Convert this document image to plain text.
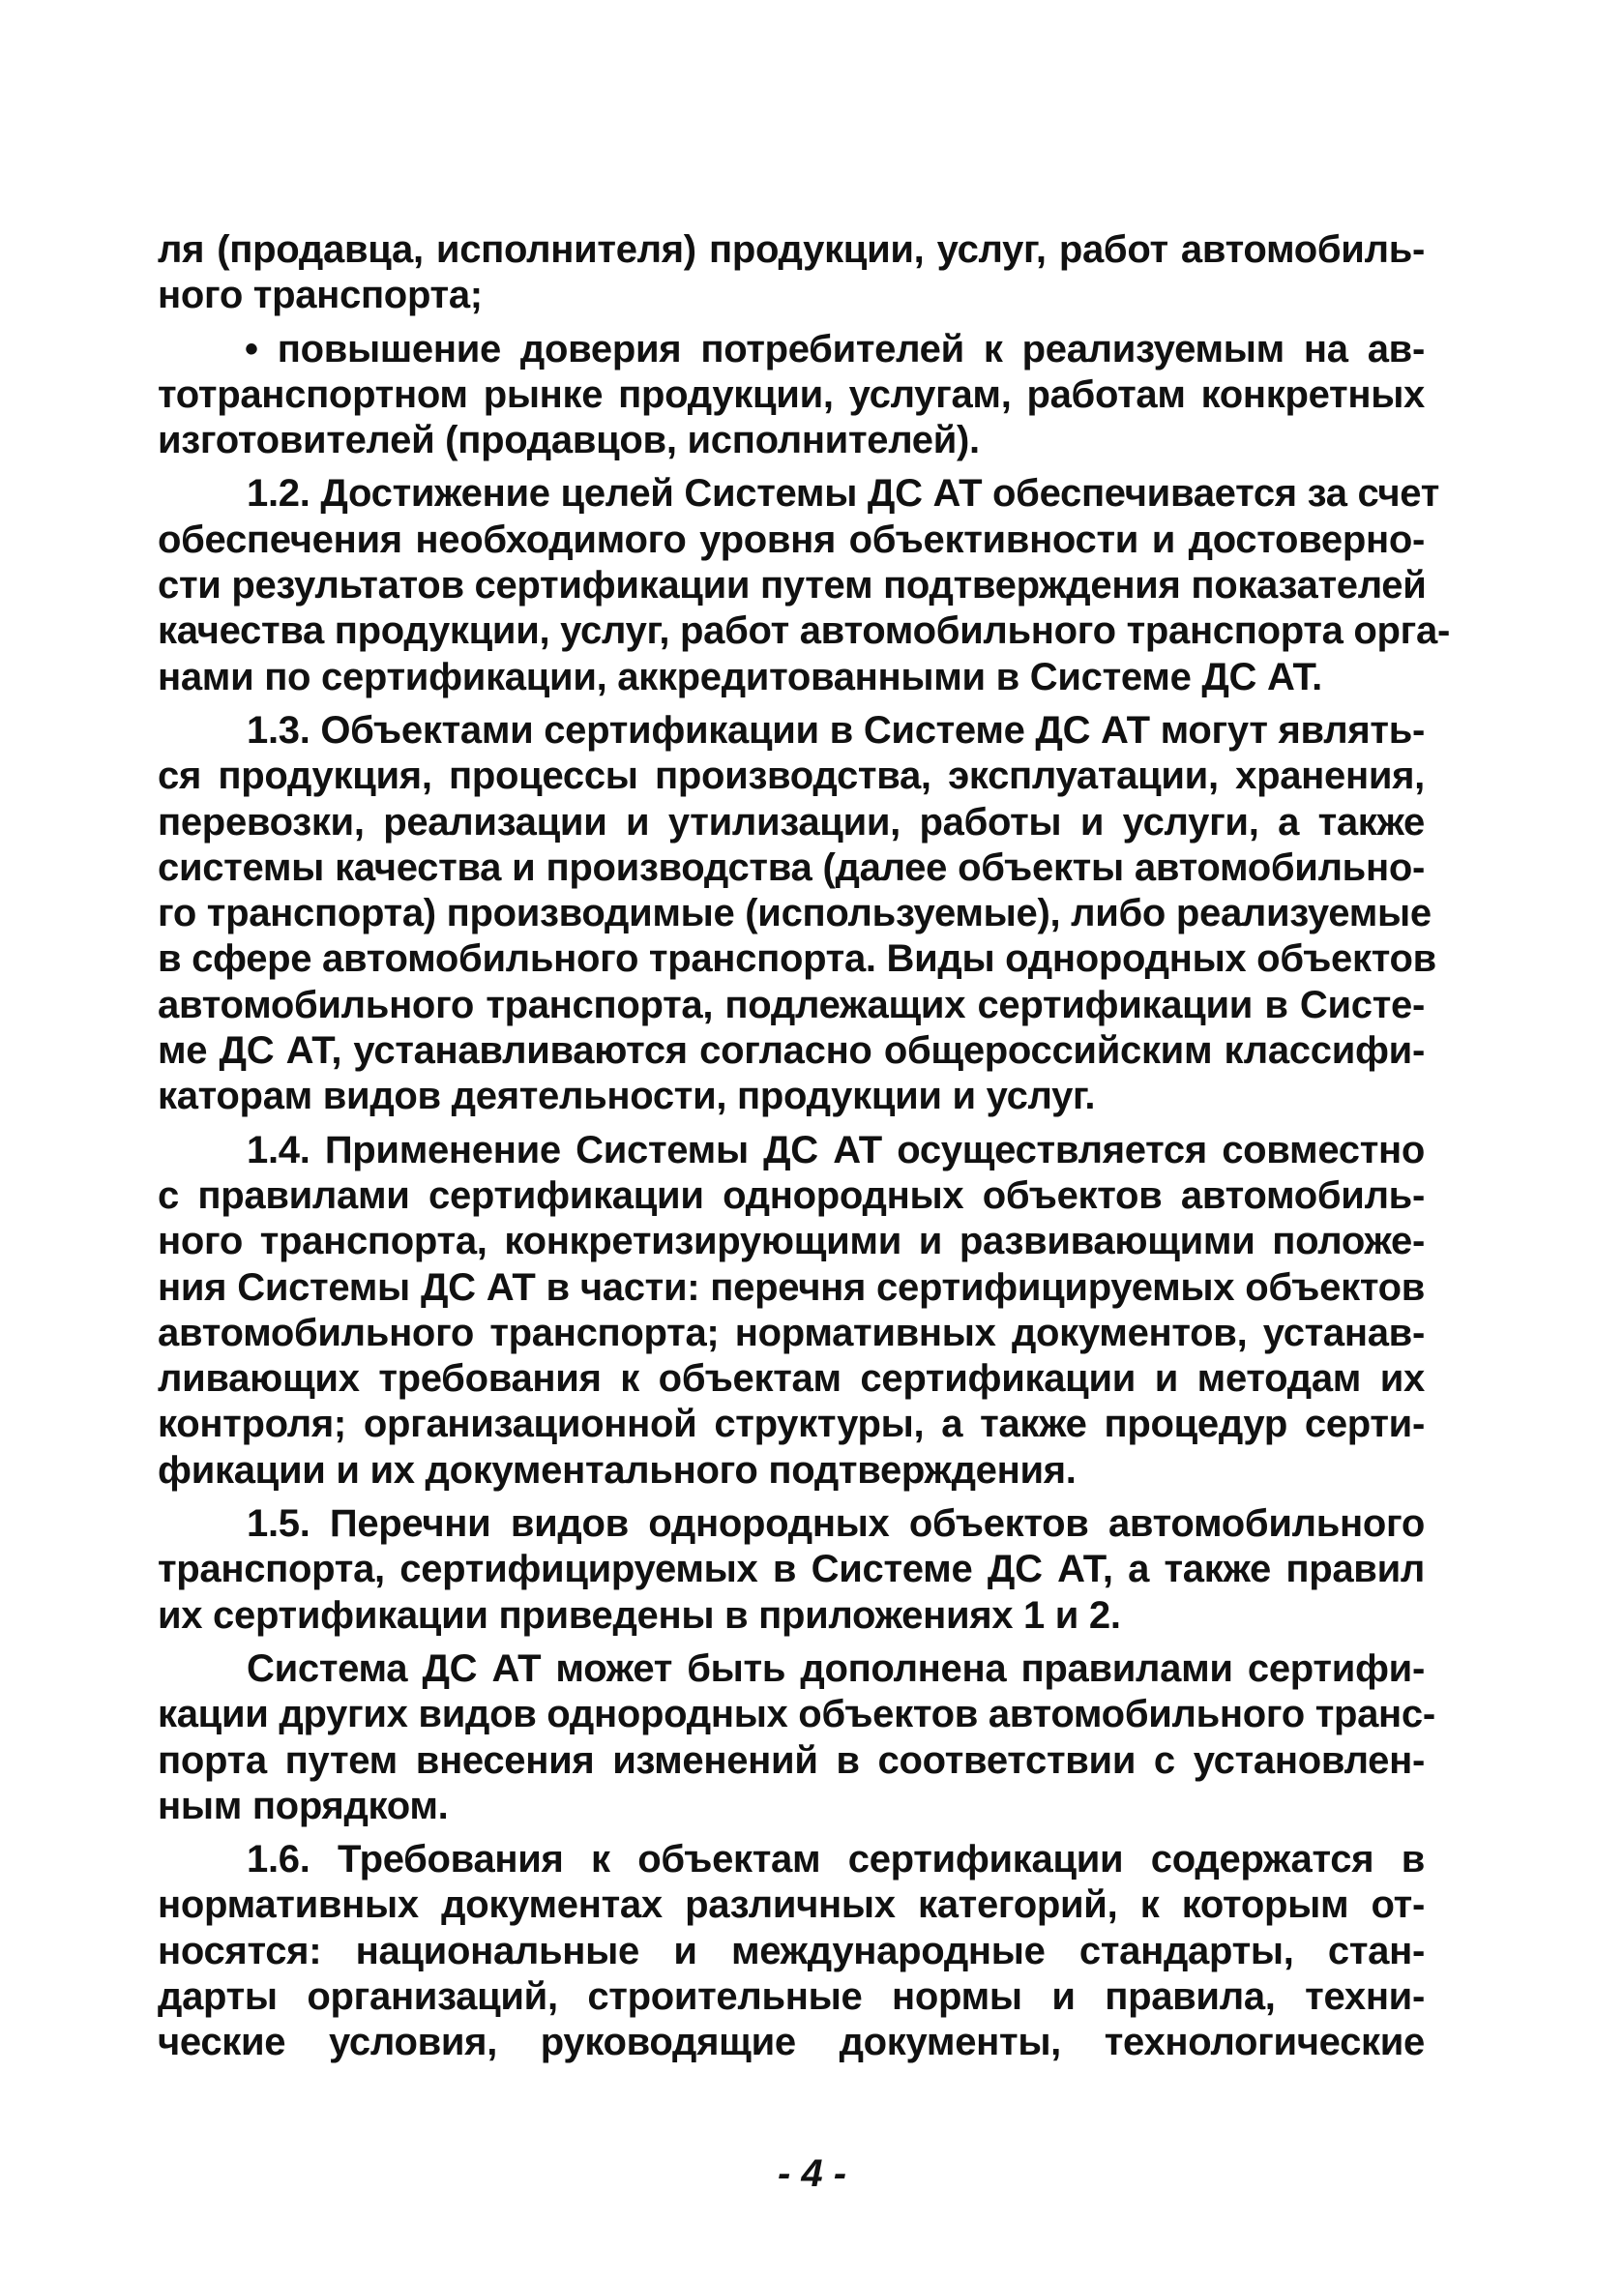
ля (продавца, исполнителя) продукции, услуг, работ автомобиль-
ного транспорта;

• повышение доверия потребителей к реализуемым на ав-
тотранспортном рынке продукции, услугам, работам конкретных
изготовителей (продавцов, исполнителей).

1.2. Достижение целей Системы ДС АТ обеспечивается за счет
обеспечения необходимого уровня объективности и достоверно-
сти результатов сертификации путем подтверждения показателей
качества продукции, услуг, работ автомобильного транспорта орга-
нами по сертификации, аккредитованными в Системе ДС АТ.

1.3. Объектами сертификации в Системе ДС АТ могут являть-
ся продукция, процессы производства, эксплуатации, хранения,
перевозки, реализации и утилизации, работы и услуги, а также
системы качества и производства (далее объекты автомобильно-
го транспорта) производимые (используемые), либо реализуемые
в сфере автомобильного транспорта. Виды однородных объектов
автомобильного транспорта, подлежащих сертификации в Систе-
ме ДС АТ, устанавливаются согласно общероссийским классифи-
каторам видов деятельности, продукции и услуг.

1.4. Применение Системы ДС АТ осуществляется совместно
с правилами сертификации однородных объектов автомобиль-
ного транспорта, конкретизирующими и развивающими положе-
ния Системы ДС АТ в части: перечня сертифицируемых объектов
автомобильного транспорта; нормативных документов, устанав-
ливающих требования к объектам сертификации и методам их
контроля; организационной структуры, а также процедур серти-
фикации и их документального подтверждения.

1.5. Перечни видов однородных объектов автомобильного
транспорта, сертифицируемых в Системе ДС АТ, а также правил
их сертификации приведены в приложениях 1 и 2.

Система ДС АТ может быть дополнена правилами сертифи-
кации других видов однородных объектов автомобильного транс-
порта путем внесения изменений в соответствии с установлен-
ным порядком.

1.6. Требования к объектам сертификации содержатся в
нормативных документах различных категорий, к которым от-
носятся: национальные и международные стандарты, стан-
дарты организаций, строительные нормы и правила, техни-
ческие условия, руководящие документы, технологические

- 4 -
